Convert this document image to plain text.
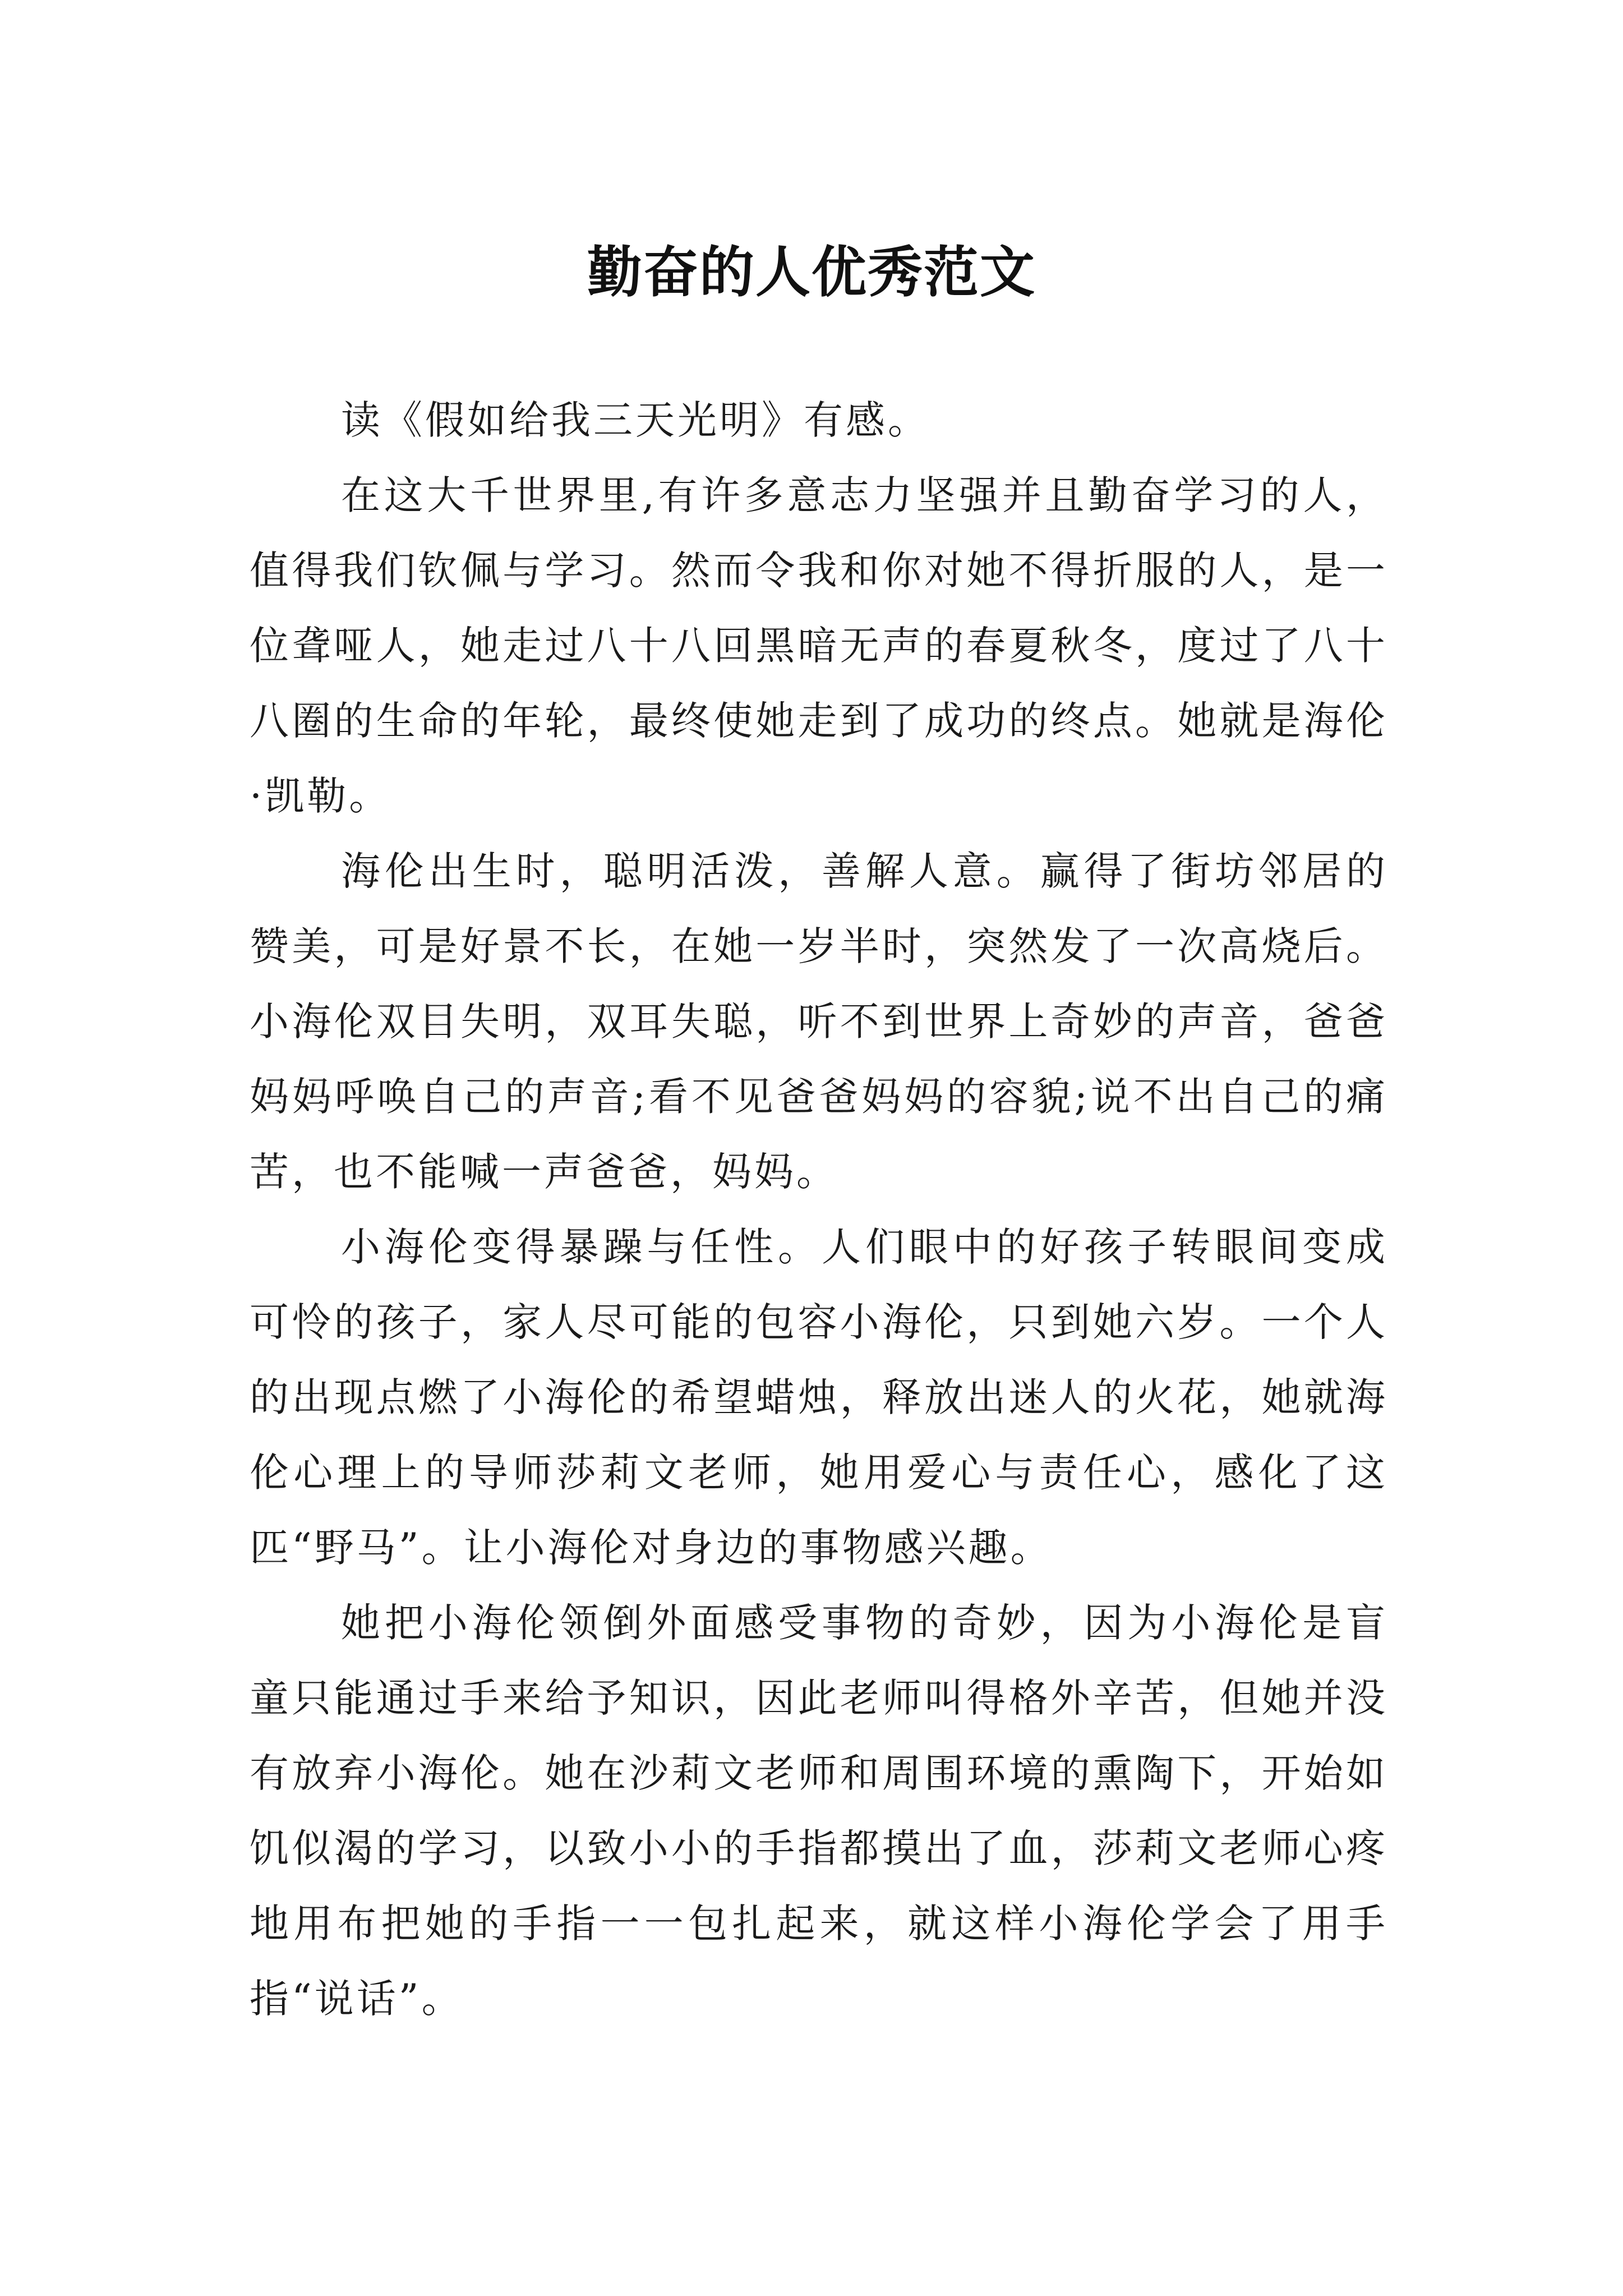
勤奋的人优秀范文

读《假如给我三天光明》有感。

在这大千世界里,有许多意志力坚强并且勤奋学习的人，值得我们钦佩与学习。然而令我和你对她不得折服的人，是一位聋哑人，她走过八十八回黑暗无声的春夏秋冬，度过了八十八圈的生命的年轮，最终使她走到了成功的终点。她就是海伦·凯勒。

海伦出生时，聪明活泼，善解人意。赢得了街坊邻居的赞美，可是好景不长，在她一岁半时，突然发了一次高烧后。小海伦双目失明，双耳失聪，听不到世界上奇妙的声音，爸爸妈妈呼唤自己的声音;看不见爸爸妈妈的容貌;说不出自己的痛苦，也不能喊一声爸爸，妈妈。

小海伦变得暴躁与任性。人们眼中的好孩子转眼间变成可怜的孩子，家人尽可能的包容小海伦，只到她六岁。一个人的出现点燃了小海伦的希望蜡烛，释放出迷人的火花，她就海伦心理上的导师莎莉文老师，她用爱心与责任心，感化了这匹“野马”。让小海伦对身边的事物感兴趣。

她把小海伦领倒外面感受事物的奇妙，因为小海伦是盲童只能通过手来给予知识，因此老师叫得格外辛苦，但她并没有放弃小海伦。她在沙莉文老师和周围环境的熏陶下，开始如饥似渴的学习，以致小小的手指都摸出了血，莎莉文老师心疼地用布把她的手指一一包扎起来，就这样小海伦学会了用手指“说话”。
